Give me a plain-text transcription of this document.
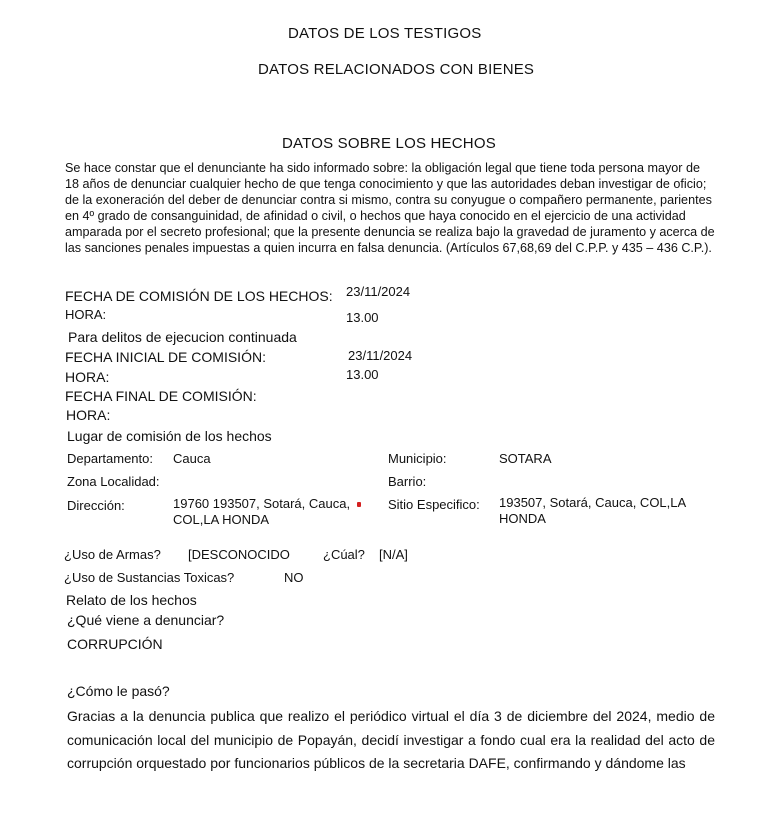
DATOS DE LOS TESTIGOS
DATOS RELACIONADOS CON BIENES
DATOS SOBRE LOS HECHOS
Se hace constar que el denunciante ha sido informado sobre: la obligación legal que tiene toda persona mayor de 18 años de denunciar cualquier hecho de que tenga conocimiento y que las autoridades deban investigar de oficio; de la exoneración del deber de denunciar contra si mismo, contra su conyugue o compañero permanente, parientes en 4º grado de consanguinidad, de afinidad o civil, o hechos que haya conocido en el ejercicio de una actividad amparada por el secreto profesional; que la presente denuncia se realiza bajo la gravedad de juramento y acerca de las sanciones penales impuestas a quien incurra en falsa denuncia. (Artículos 67,68,69 del C.P.P. y 435 – 436 C.P.).
FECHA DE COMISIÓN DE LOS HECHOS: 23/11/2024
HORA:	13.00
Para delitos de ejecucion continuada
FECHA INICIAL DE COMISIÓN:	23/11/2024
HORA:	13.00
FECHA FINAL DE COMISIÓN:
HORA:
Lugar de comisión de los hechos
Departamento: Cauca	Municipio:	SOTARA
Zona Localidad:	Barrio:
Dirección:	19760 193507, Sotará, Cauca, COL,LA HONDA
Sitio Especifico: 193507, Sotará, Cauca, COL,LA HONDA
¿Uso de Armas? [DESCONOCIDO	¿Cúal? [N/A]
¿Uso de Sustancias Toxicas?	NO
Relato de los hechos
¿Qué viene a denunciar?
CORRUPCIÓN
¿Cómo le pasó?
Gracias a la denuncia publica que realizo el periódico virtual el día 3 de diciembre del 2024, medio de comunicación local del municipio de Popayán, decidí investigar a fondo cual era la realidad del acto de corrupción orquestado por funcionarios públicos de la secretaria DAFE, confirmando y dándome las
